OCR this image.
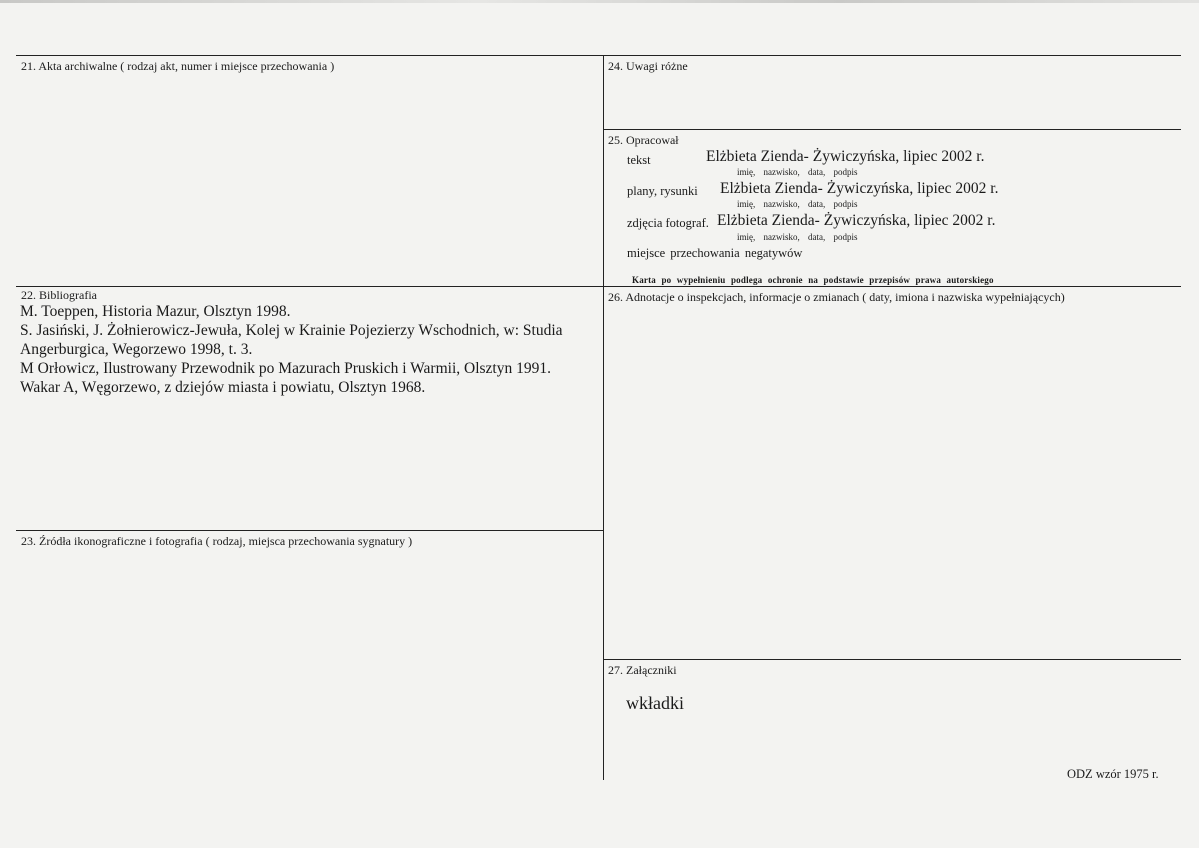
21. Akta archiwalne ( rodzaj akt, numer i miejsce przechowania )	24. Uwagi różne
25. Opracował
tekst	Elżbieta Zienda- Żywiczyńska, lipiec 2002 r.
imię, nazwisko, data, podpis
plany, rysunki Elżbieta Zienda- Żywiczyńska, lipiec 2002 r.
imię, nazwisko, data, podpis
zdjęcia fotograf. Elżbieta Zienda- Żywiczyńska, lipiec 2002 r.
imię, nazwisko, data, podpis
miejsce przechowania negatywów
Karta po wypełnieniu podlega ochronie na podstawie przepisów prawa autorskiego
22. Bibliografia
M. Toeppen, Historia Mazur, Olsztyn 1998.
S. Jasiński, J. Żołnierowicz-Jewuła, Kolej w Krainie Pojezierzy Wschodnich, w: Studia Angerburgica, Wegorzewo 1998, t. 3.
M Orłowicz, Ilustrowany Przewodnik po Mazurach Pruskich i Warmii, Olsztyn 1991.
Wakar A, Węgorzewo, z dziejów miasta i powiatu, Olsztyn 1968.
26. Adnotacje o inspekcjach, informacje o zmianach ( daty, imiona i nazwiska wypełniających)
23. Źródła ikonograficzne i fotografia ( rodzaj, miejsca przechowania sygnatury )
27. Załączniki
wkładki
ODZ wzór 1975 r.
